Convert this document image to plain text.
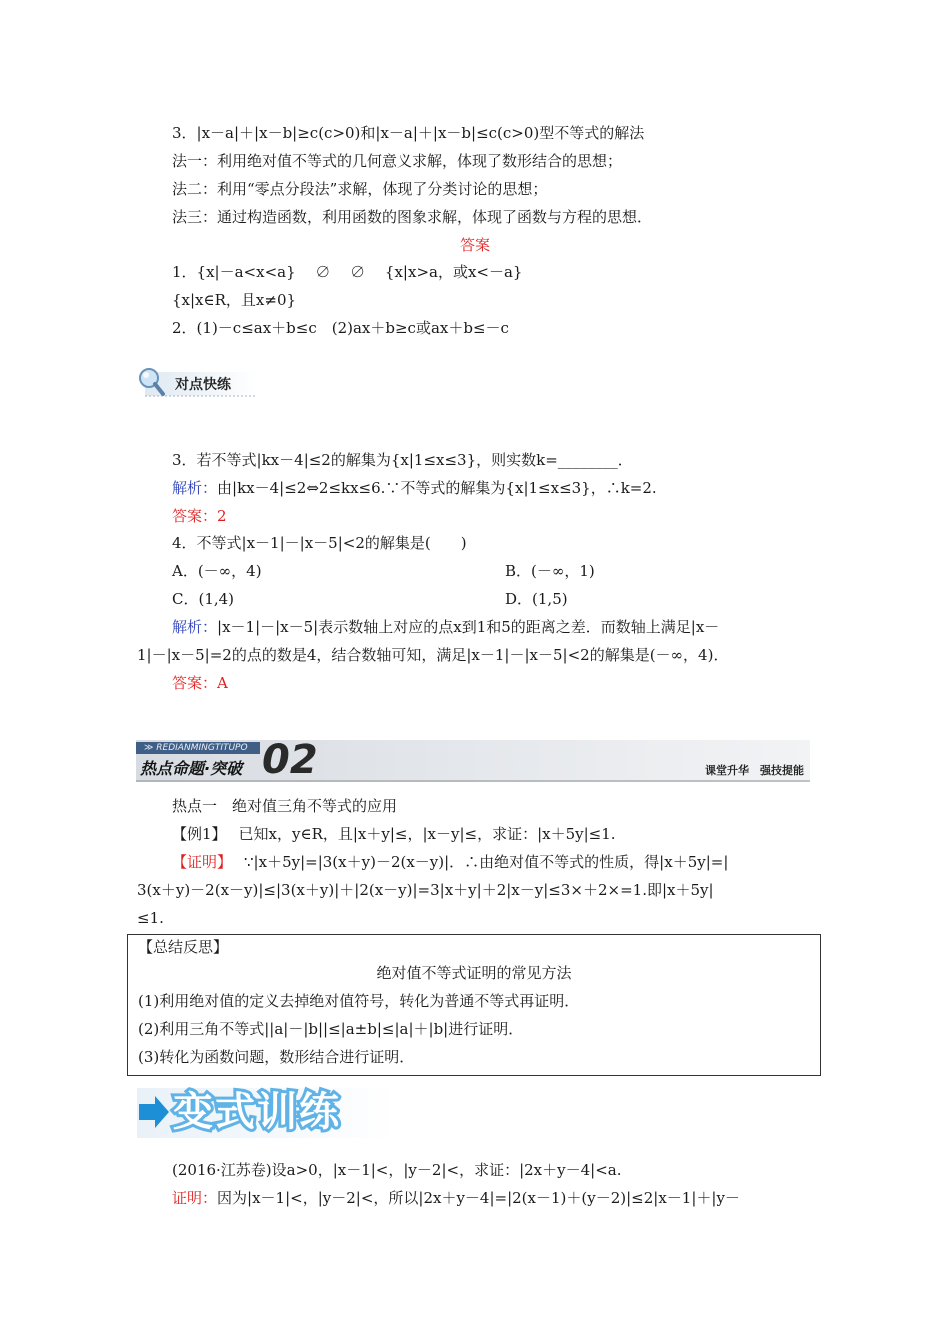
3．|x－a|＋|x－b|≥c(c>0)和|x－a|＋|x－b|≤c(c>0)型不等式的解法
法一：利用绝对值不等式的几何意义求解，体现了数形结合的思想；
法二：利用“零点分段法”求解，体现了分类讨论的思想；
法三：通过构造函数，利用函数的图象求解，体现了函数与方程的思想．
答案
1．{x|－a<x<a}　 ∅　 ∅　 {x|x>a，或x<－a}
{x|x∈R，且x≠0}
2．(1)－c≤ax＋b≤c　(2)ax＋b≥c或ax＋b≤－c
对点快练
3．若不等式|kx－4|≤2的解集为{x|1≤x≤3}，则实数k=________．
解析：由|kx－4|≤2⇔2≤kx≤6.∵不等式的解集为{x|1≤x≤3}，∴k=2.
答案：2
4．不等式|x－1|－|x－5|<2的解集是(　　)
A．(－∞，4)	B．(－∞，1)
C．(1,4)	D．(1,5)
解析：|x－1|－|x－5|表示数轴上对应的点x到1和5的距离之差．而数轴上满足|x－
1|－|x－5|=2的点的数是4，结合数轴可知，满足|x－1|－|x－5|<2的解集是(－∞，4)．
答案：A
≫ REDIANMINGTITUPO
热点命题·突破 02	课堂升华　强技提能
热点一　绝对值三角不等式的应用
【例1】 已知x，y∈R，且|x＋y|≤，|x－y|≤，求证：|x＋5y|≤1.
【证明】 ∵|x＋5y|=|3(x＋y)－2(x－y)|．∴由绝对值不等式的性质，得|x＋5y|=|
3(x＋y)－2(x－y)|≤|3(x＋y)|＋|2(x－y)|=3|x＋y|＋2|x－y|≤3×＋2×=1.即|x＋5y|
≤1.
【总结反思】
绝对值不等式证明的常见方法
(1)利用绝对值的定义去掉绝对值符号，转化为普通不等式再证明．
(2)利用三角不等式||a|－|b||≤|a±b|≤|a|＋|b|进行证明．
(3)转化为函数问题，数形结合进行证明．
变式训练
(2016·江苏卷)设a>0，|x－1|<，|y－2|<，求证：|2x＋y－4|<a.
证明：因为|x－1|<，|y－2|<，所以|2x＋y－4|=|2(x－1)＋(y－2)|≤2|x－1|＋|y－
